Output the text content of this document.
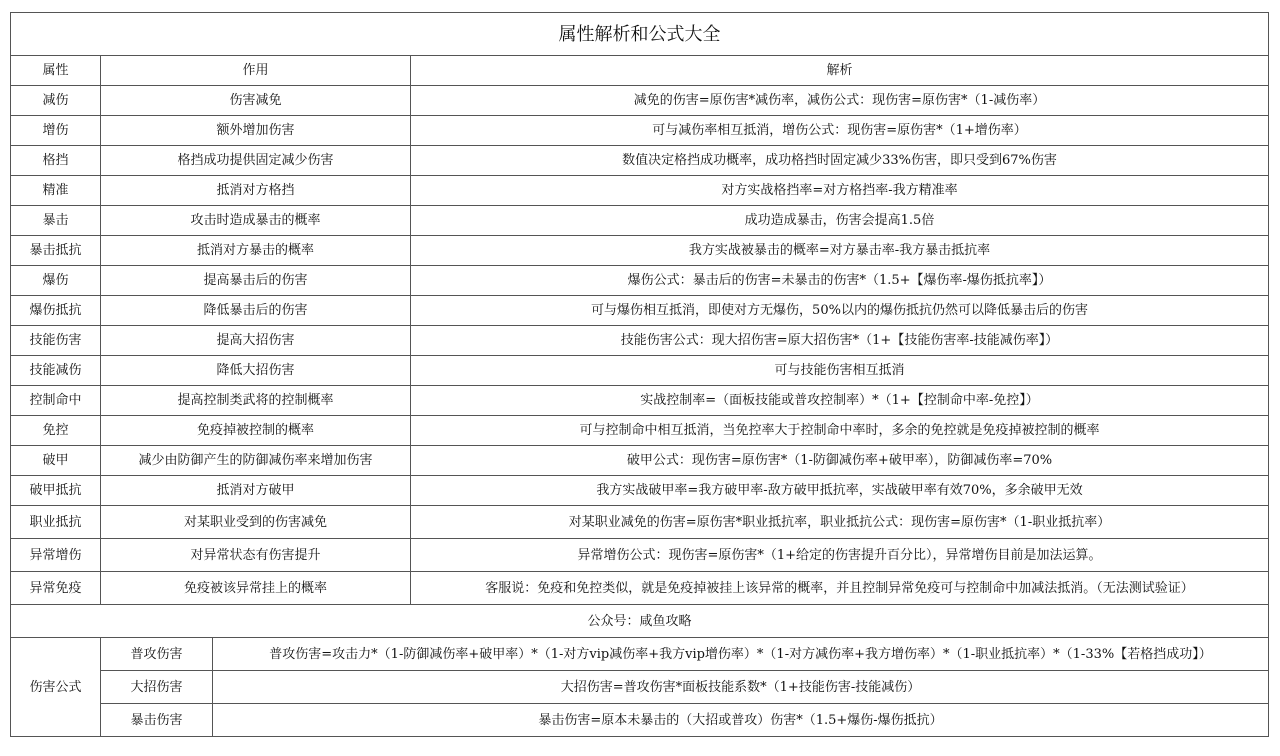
属性解析和公式大全			
属性	作用		解析
减伤	伤害减免		减免的伤害=原伤害*减伤率，减伤公式：现伤害=原伤害*（1-减伤率）
增伤	额外增加伤害		可与减伤率相互抵消，增伤公式：现伤害=原伤害*（1+增伤率）
格挡	格挡成功提供固定减少伤害		数值决定格挡成功概率，成功格挡时固定减少33%伤害，即只受到67%伤害
精准	抵消对方格挡		对方实战格挡率=对方格挡率-我方精准率
暴击	攻击时造成暴击的概率		成功造成暴击，伤害会提高1.5倍
暴击抵抗	抵消对方暴击的概率		我方实战被暴击的概率=对方暴击率-我方暴击抵抗率
爆伤	提高暴击后的伤害		爆伤公式：暴击后的伤害=未暴击的伤害*（1.5+【爆伤率-爆伤抵抗率】）
爆伤抵抗	降低暴击后的伤害		可与爆伤相互抵消，即使对方无爆伤，50%以内的爆伤抵抗仍然可以降低暴击后的伤害
技能伤害	提高大招伤害		技能伤害公式：现大招伤害=原大招伤害*（1+【技能伤害率-技能减伤率】）
技能减伤	降低大招伤害		可与技能伤害相互抵消
控制命中	提高控制类武将的控制概率		实战控制率=（面板技能或普攻控制率）*（1+【控制命中率-免控】）
免控	免疫掉被控制的概率		可与控制命中相互抵消，当免控率大于控制命中率时，多余的免控就是免疫掉被控制的概率
破甲	减少由防御产生的防御减伤率来增加伤害		破甲公式：现伤害=原伤害*（1-防御减伤率+破甲率），防御减伤率=70%
破甲抵抗	抵消对方破甲		我方实战破甲率=我方破甲率-敌方破甲抵抗率，实战破甲率有效70%，多余破甲无效
职业抵抗	对某职业受到的伤害减免		对某职业减免的伤害=原伤害*职业抵抗率，职业抵抗公式：现伤害=原伤害*（1-职业抵抗率）
异常增伤	对异常状态有伤害提升		异常增伤公式：现伤害=原伤害*（1+给定的伤害提升百分比），异常增伤目前是加法运算。
异常免疫	免疫被该异常挂上的概率		客服说：免疫和免控类似，就是免疫掉被挂上该异常的概率，并且控制异常免疫可与控制命中加减法抵消。（无法测试验证）
公众号：咸鱼攻略			
伤害公式	普攻伤害	普攻伤害=攻击力*（1-防御减伤率+破甲率）*（1-对方vip减伤率+我方vip增伤率）*（1-对方减伤率+我方增伤率）*（1-职业抵抗率）*（1-33%【若格挡成功】）	
	大招伤害	大招伤害=普攻伤害*面板技能系数*（1+技能伤害-技能减伤）	
	暴击伤害	暴击伤害=原本未暴击的（大招或普攻）伤害*（1.5+爆伤-爆伤抵抗）	
